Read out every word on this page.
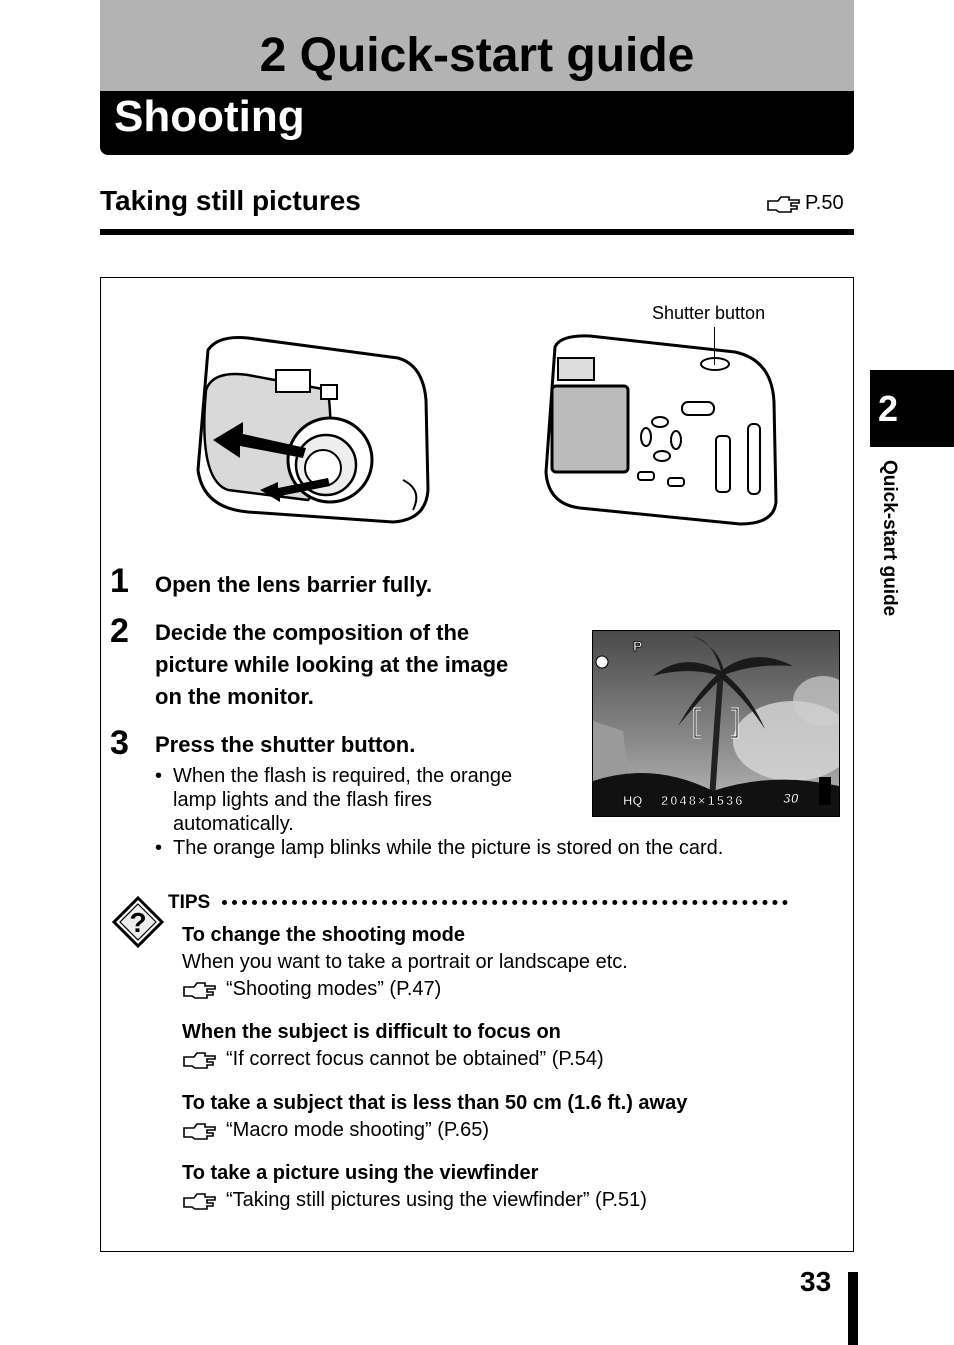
2 Quick-start guide
Shooting
Taking still pictures	P.50
Shutter button
1 Open the lens barrier fully.
2 Decide the composition of the
picture while looking at the image
on the monitor.
3 Press the shutter button.
• When the flash is required, the orange
lamp lights and the flash fires
automatically.
• The orange lamp blinks while the picture is stored on the card.
P
HQ 2048×1536	30
?
TIPS
To change the shooting mode
When you want to take a portrait or landscape etc.
“Shooting modes” (P.47)
When the subject is difficult to focus on
“If correct focus cannot be obtained” (P.54)
To take a subject that is less than 50 cm (1.6 ft.) away
“Macro mode shooting” (P.65)
To take a picture using the viewfinder
“Taking still pictures using the viewfinder” (P.51)
2
Quick-start guide
33
